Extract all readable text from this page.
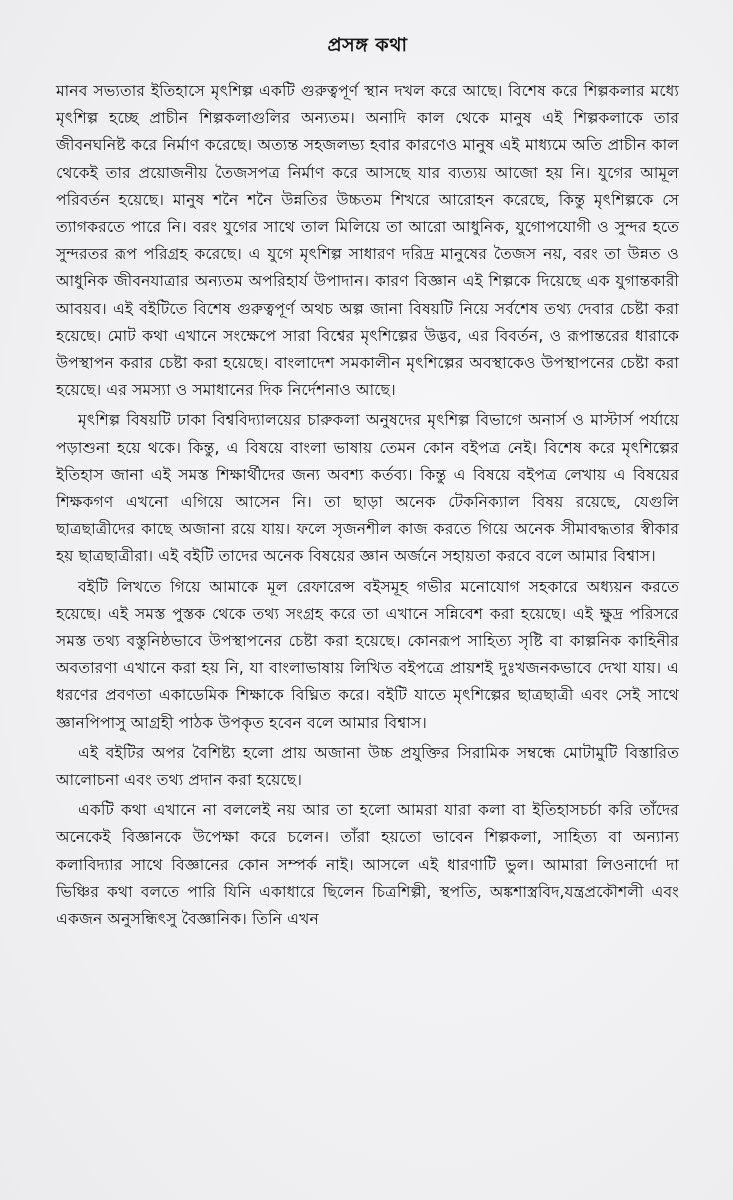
প্রসঙ্গ কথা

মানব সভ্যতার ইতিহাসে মৃৎশিল্প একটি গুরুত্বপূর্ণ স্থান দখল করে আছে। বিশেষ করে শিল্পকলার মধ্যে মৃৎশিল্প হচ্ছে প্রাচীন শিল্পকলাগুলির অন্যতম। অনাদি কাল থেকে মানুষ এই শিল্পকলাকে তার জীবনঘনিষ্ট করে নির্মাণ করেছে। অত্যন্ত সহজলভ্য হবার কারণেও মানুষ এই মাধ্যমে অতি প্রাচীন কাল থেকেই তার প্রয়োজনীয় তৈজসপত্র নির্মাণ করে আসছে যার ব্যত্যয় আজো হয় নি। যুগের আমূল পরিবর্তন হয়েছে। মানুষ শনৈ শনৈ উন্নতির উচ্চতম শিখরে আরোহন করেছে, কিন্তু মৃৎশিল্পকে সে ত্যাগকরতে পারে নি। বরং যুগের সাথে তাল মিলিয়ে তা আরো আধুনিক, যুগোপযোগী ও সুন্দর হতে সুন্দরতর রূপ পরিগ্রহ করেছে। এ যুগে মৃৎশিল্প সাধারণ দরিদ্র মানুষের তৈজস নয়, বরং তা উন্নত ও আধুনিক জীবনযাত্রার অন্যতম অপরিহার্য উপাদান। কারণ বিজ্ঞান এই শিল্পকে দিয়েছে এক যুগান্তকারী আবয়ব। এই বইটিতে বিশেষ গুরুত্বপূর্ণ অথচ অল্প জানা বিষয়টি নিয়ে সর্বশেষ তথ্য দেবার চেষ্টা করা হয়েছে। মোট কথা এখানে সংক্ষেপে সারা বিশ্বের মৃৎশিল্পের উদ্ভব, এর বিবর্তন, ও রূপান্তরের ধারাকে উপস্থাপন করার চেষ্টা করা হয়েছে। বাংলাদেশ সমকালীন মৃৎশিল্পের অবস্থাকেও উপস্থাপনের চেষ্টা করা হয়েছে। এর সমস্যা ও সমাধানের দিক নির্দেশনাও আছে।

মৃৎশিল্প বিষয়টি ঢাকা বিশ্ববিদ্যালয়ের চারুকলা অনুষদের মৃৎশিল্প বিভাগে অনার্স ও মাস্টার্স পর্যায়ে পড়াশুনা হয়ে থকে। কিন্তু, এ বিষয়ে বাংলা ভাষায় তেমন কোন বইপত্র নেই। বিশেষ করে মৃৎশিল্পের ইতিহাস জানা এই সমস্ত শিক্ষার্থীদের জন্য অবশ্য কর্তব্য। কিন্তু এ বিষয়ে বইপত্র লেখায় এ বিষয়ের শিক্ষকগণ এখনো এগিয়ে আসেন নি। তা ছাড়া অনেক টেকনিক্যাল বিষয় রয়েছে, যেগুলি ছাত্রছাত্রীদের কাছে অজানা রয়ে যায়। ফলে সৃজনশীল কাজ করতে গিয়ে অনেক সীমাবদ্ধতার স্বীকার হয় ছাত্রছাত্রীরা। এই বইটি তাদের অনেক বিষয়ের জ্ঞান অর্জনে সহায়তা করবে বলে আমার বিশ্বাস।

বইটি লিখতে গিয়ে আমাকে মূল রেফারেন্স বইসমূহ গভীর মনোযোগ সহকারে অধ্যয়ন করতে হয়েছে। এই সমস্ত পুস্তক থেকে তথ্য সংগ্রহ করে তা এখানে সন্নিবেশ করা হয়েছে। এই ক্ষুদ্র পরিসরে সমস্ত তথ্য বস্তুনিষ্ঠভাবে উপস্থাপনের চেষ্টা করা হয়েছে। কোনরূপ সাহিত্য সৃষ্টি বা কাল্পনিক কাহিনীর অবতারণা এখানে করা হয় নি, যা বাংলাভাষায় লিখিত বইপত্রে প্রায়শই দুঃখজনকভাবে দেখা যায়। এ ধরণের প্রবণতা একাডেমিক শিক্ষাকে বিঘ্নিত করে। বইটি যাতে মৃৎশিল্পের ছাত্রছাত্রী এবং সেই সাথে জ্ঞানপিপাসু আগ্রহী পাঠক উপকৃত হবেন বলে আমার বিশ্বাস।

এই বইটির অপর বৈশিষ্ট্য হলো প্রায় অজানা উচ্চ প্রযুক্তির সিরামিক সম্বন্ধে মোটামুটি বিস্তারিত আলোচনা এবং তথ্য প্রদান করা হয়েছে।

একটি কথা এখানে না বললেই নয় আর তা হলো আমরা যারা কলা বা ইতিহাসচর্চা করি তাঁদের অনেকেই বিজ্ঞানকে উপেক্ষা করে চলেন। তাঁরা হয়তো ভাবেন শিল্পকলা, সাহিত্য বা অন্যান্য কলাবিদ্যার সাথে বিজ্ঞানের কোন সম্পর্ক নাই। আসলে এই ধারণাটি ভুল। আমারা লিওনার্দো দা ভিঞ্চির কথা বলতে পারি যিনি একাধারে ছিলেন চিত্রশিল্পী, স্থপতি, অঙ্কশাস্ত্রবিদ,যন্ত্রপ্রকৌশলী এবং একজন অনুসন্ধিৎসু বৈজ্ঞানিক। তিনি এখন
